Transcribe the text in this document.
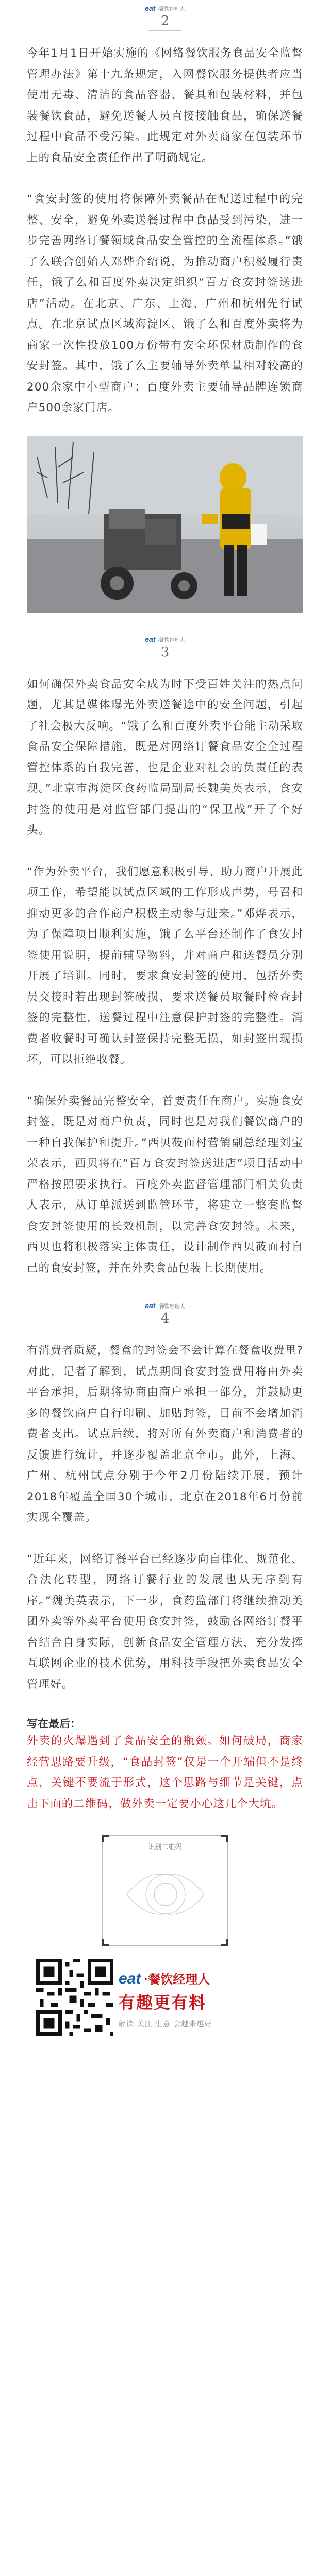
eat ·餐饮经理人
2

今年1月1日开始实施的《网络餐饮服务食品安全监督管理办法》第十九条规定，入网餐饮服务提供者应当使用无毒、清洁的食品容器、餐具和包装材料，并包装餐饮食品，避免送餐人员直接接触食品，确保送餐过程中食品不受污染。此规定对外卖商家在包装环节上的食品安全责任作出了明确规定。

“食安封签的使用将保障外卖餐品在配送过程中的完整、安全，避免外卖送餐过程中食品受到污染，进一步完善网络订餐领域食品安全管控的全流程体系。”饿了么联合创始人邓烨介绍说，为推动商户积极履行责任，饿了么和百度外卖决定组织“百万食安封签送进店”活动。在北京、广东、上海、广州和杭州先行试点。在北京试点区域海淀区、饿了么和百度外卖将为商家一次性投放100万份带有安全环保材质制作的食安封签。其中，饿了么主要辅导外卖单量相对较高的200余家中小型商户；百度外卖主要辅导品牌连锁商户500余家门店。

eat ·餐饮经理人
3

如何确保外卖食品安全成为时下受百姓关注的热点问题，尤其是媒体曝光外卖送餐途中的安全问题，引起了社会极大反响。“饿了么和百度外卖平台能主动采取食品安全保障措施，既是对网络订餐食品安全全过程管控体系的自我完善，也是企业对社会的负责任的表现。”北京市海淀区食药监局副局长魏美英表示，食安封签的使用是对监管部门提出的“保卫战”开了个好头。

“作为外卖平台，我们愿意积极引导、助力商户开展此项工作，希望能以试点区域的工作形成声势，号召和推动更多的合作商户积极主动参与进来。”邓烨表示，为了保障项目顺利实施，饿了么平台还制作了食安封签使用说明，提前辅导物料，并对商户和送餐员分别开展了培训。同时，要求食安封签的使用，包括外卖员交接时若出现封签破损、要求送餐员取餐时检查封签的完整性，送餐过程中注意保护封签的完整性。消费者收餐时可确认封签保持完整无损，如封签出现损坏，可以拒绝收餐。

“确保外卖餐品完整安全，首要责任在商户。实施食安封签，既是对商户负责，同时也是对我们餐饮商户的一种自我保护和提升。”西贝莜面村营销副总经理刘宝荣表示，西贝将在“百万食安封签送进店”项目活动中严格按照要求执行。百度外卖监督管理部门相关负责人表示，从订单派送到监管环节，将建立一整套监督食安封签使用的长效机制，以完善食安封签。未来，西贝也将积极落实主体责任，设计制作西贝莜面村自己的食安封签，并在外卖食品包装上长期使用。

eat ·餐饮经理人
4

有消费者质疑，餐盒的封签会不会计算在餐盒收费里?对此，记者了解到，试点期间食安封签费用将由外卖平台承担，后期将协商由商户承担一部分，并鼓励更多的餐饮商户自行印刷、加贴封签，目前不会增加消费者支出。试点后续，将对所有外卖商户和消费者的反馈进行统计，并逐步覆盖北京全市。此外，上海、广州、杭州试点分别于今年2月份陆续开展，预计2018年覆盖全国30个城市，北京在2018年6月份前实现全覆盖。

“近年来，网络订餐平台已经逐步向自律化、规范化、合法化转型，网络订餐行业的发展也从无序到有序。”魏美英表示，下一步，食药监部门将继续推动美团外卖等外卖平台使用食安封签，鼓励各网络订餐平台结合自身实际，创新食品安全管理方法，充分发挥互联网企业的技术优势，用科技手段把外卖食品安全管理好。

写在最后：

外卖的火爆遇到了食品安全的瓶颈。如何破局，商家经营思路要升级，“食品封签”仅是一个开端但不是终点，关键不要流于形式，这个思路与细节是关键，点击下面的二维码，做外卖一定要小心这几个大坑。

识别二维码
eat ·餐饮经理人
有趣更有料
解读 关注 生意 会越来越好
